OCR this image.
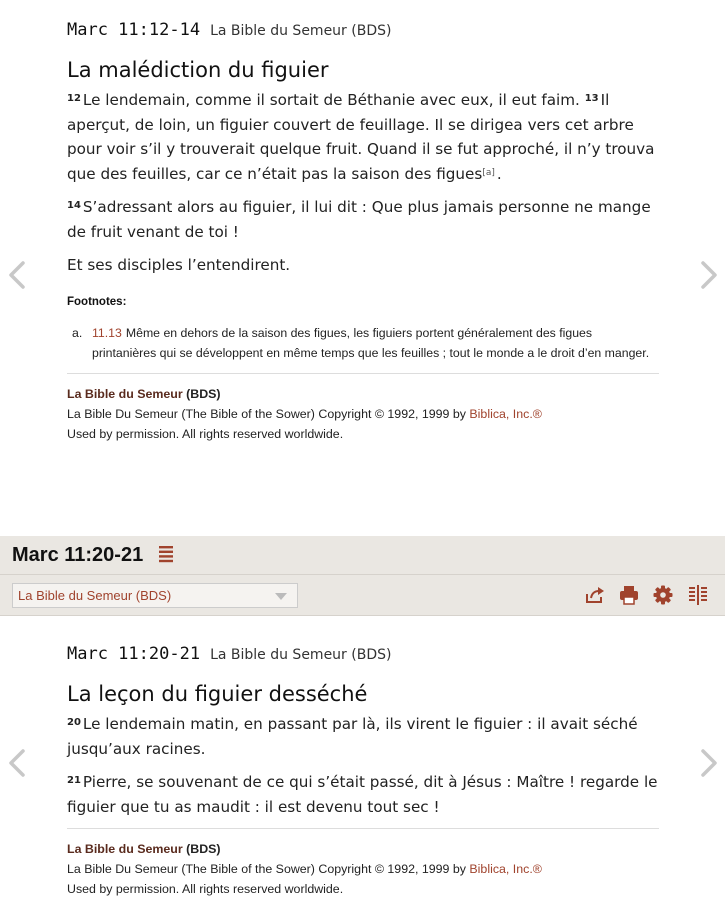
Marc 11:12-14 La Bible du Semeur (BDS)
La malédiction du figuier

$^{12}$ Le lendemain, comme il sortait de Béthanie avec eux, il eut faim. $^{13}$ Il aperçut, de loin, un figuier couvert de feuillage. Il se dirigea vers cet arbre pour voir s’il y trouverait quelque fruit. Quand il se fut approché, il n’y trouva que des feuilles, car ce n’était pas la saison des figues[a] .

$^{14}$ S’adressant alors au figuier, il lui dit : Que plus jamais personne ne mange de fruit venant de toi !

Et ses disciples l’entendirent.

Footnotes:
a. 11.13 Même en dehors de la saison des figues, les figuiers portent généralement des figues printanières qui se développent en même temps que les feuilles ; tout le monde a le droit d’en manger.
La Bible du Semeur (BDS)
La Bible Du Semeur (The Bible of the Sower) Copyright © 1992, 1999 by Biblica, Inc.®
Used by permission. All rights reserved worldwide.
Marc 11:20-21
La Bible du Semeur (BDS)
Marc 11:20-21 La Bible du Semeur (BDS)
La leçon du figuier desséché

$^{20}$ Le lendemain matin, en passant par là, ils virent le figuier : il avait séché jusqu’aux racines.

$^{21}$ Pierre, se souvenant de ce qui s’était passé, dit à Jésus : Maître ! regarde le figuier que tu as maudit : il est devenu tout sec !

La Bible du Semeur (BDS)
La Bible Du Semeur (The Bible of the Sower) Copyright © 1992, 1999 by Biblica, Inc.®
Used by permission. All rights reserved worldwide.
